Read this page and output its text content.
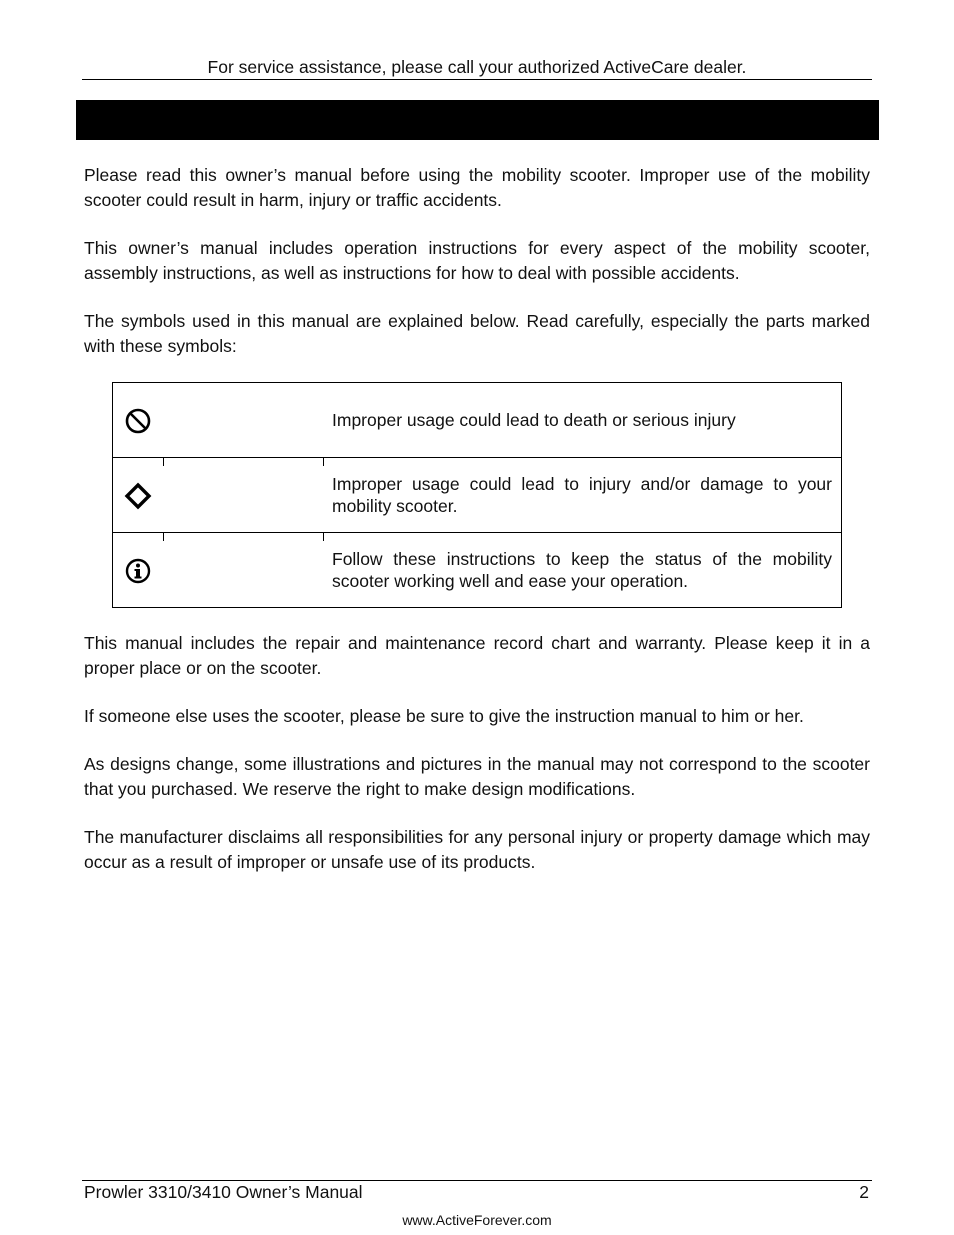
For service assistance, please call your authorized ActiveCare dealer.

Please read this owner’s manual before using the mobility scooter. Improper use of the mobility scooter could result in harm, injury or traffic accidents.

This owner’s manual includes operation instructions for every aspect of the mobility scooter, assembly instructions, as well as instructions for how to deal with possible accidents.

The symbols used in this manual are explained below. Read carefully, especially the parts marked with these symbols:

Improper usage could lead to death or serious injury
Improper usage could lead to injury and/or damage to your mobility scooter.
Follow these instructions to keep the status of the mobility scooter working well and ease your operation.

This manual includes the repair and maintenance record chart and warranty. Please keep it in a proper place or on the scooter.

If someone else uses the scooter, please be sure to give the instruction manual to him or her.

As designs change, some illustrations and pictures in the manual may not correspond to the scooter that you purchased. We reserve the right to make design modifications.

The manufacturer disclaims all responsibilities for any personal injury or property damage which may occur as a result of improper or unsafe use of its products.

Prowler 3310/3410 Owner’s Manual	2
www.ActiveForever.com
